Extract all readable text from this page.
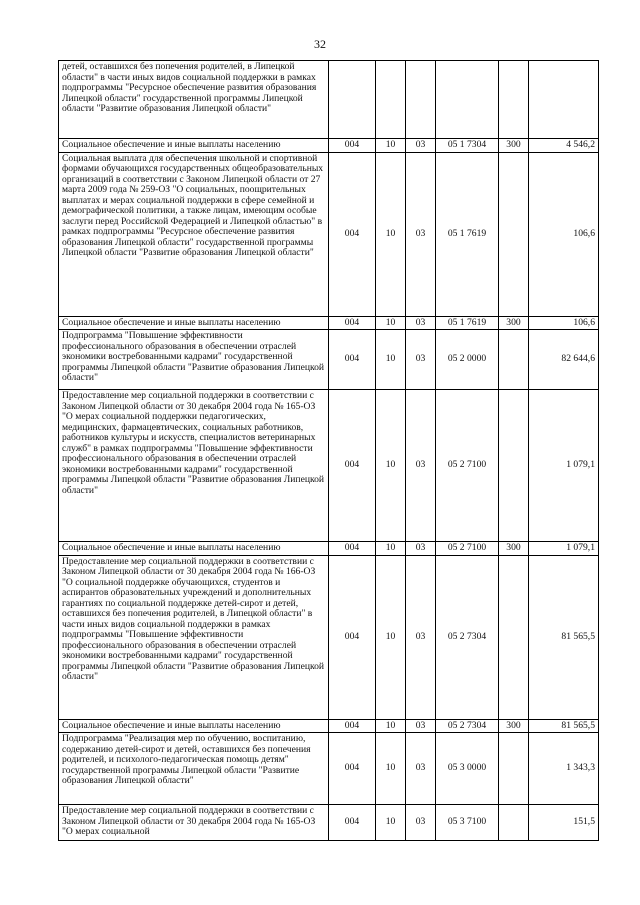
32
детей, оставшихся без попечения родителей, в Липецкой области" в части иных видов социальной поддержки в рамках подпрограммы "Ресурсное обеспечение развития образования Липецкой области" государственной программы Липецкой области "Развитие образования Липецкой области"						
Социальное обеспечение и иные выплаты населению	004	10	03	05 1 7304	300	4 546,2
Социальная выплата для обеспечения школьной и спортивной формами обучающихся государственных общеобразовательных организаций в соответствии с Законом Липецкой области от 27 марта 2009 года № 259-ОЗ "О социальных, поощрительных выплатах и мерах социальной поддержки в сфере семейной и демографической политики, а также лицам, имеющим особые заслуги перед Российской Федерацией и Липецкой областью" в рамках подпрограммы "Ресурсное обеспечение развития образования Липецкой области" государственной программы Липецкой области "Развитие образования Липецкой области"	004	10	03	05 1 7619		106,6
Социальное обеспечение и иные выплаты населению	004	10	03	05 1 7619	300	106,6
Подпрограмма "Повышение эффективности профессионального образования в обеспечении отраслей экономики востребованными кадрами" государственной программы Липецкой области "Развитие образования Липецкой области"	004	10	03	05 2 0000		82 644,6
Предоставление мер социальной поддержки в соответствии с Законом Липецкой области от 30 декабря 2004 года № 165-ОЗ "О мерах социальной поддержки педагогических, медицинских, фармацевтических, социальных работников, работников культуры и искусств, специалистов ветеринарных служб" в рамках подпрограммы "Повышение эффективности профессионального образования в обеспечении отраслей экономики востребованными кадрами" государственной программы Липецкой области "Развитие образования Липецкой области"	004	10	03	05 2 7100		1 079,1
Социальное обеспечение и иные выплаты населению	004	10	03	05 2 7100	300	1 079,1
Предоставление мер социальной поддержки в соответствии с Законом Липецкой области от 30 декабря 2004 года № 166-ОЗ "О социальной поддержке обучающихся, студентов и аспирантов образовательных учреждений и дополнительных гарантиях по социальной поддержке детей-сирот и детей, оставшихся без попечения родителей, в Липецкой области" в части иных видов социальной поддержки в рамках подпрограммы "Повышение эффективности профессионального образования в обеспечении отраслей экономики востребованными кадрами" государственной программы Липецкой области "Развитие образования Липецкой области"	004	10	03	05 2 7304		81 565,5
Социальное обеспечение и иные выплаты населению	004	10	03	05 2 7304	300	81 565,5
Подпрограмма "Реализация мер по обучению, воспитанию, содержанию детей-сирот и детей, оставшихся без попечения родителей, и психолого-педагогическая помощь детям" государственной программы Липецкой области "Развитие образования Липецкой области"	004	10	03	05 3 0000		1 343,3
Предоставление мер социальной поддержки в соответствии с Законом Липецкой области от 30 декабря 2004 года № 165-ОЗ "О мерах социальной	004	10	03	05 3 7100		151,5
